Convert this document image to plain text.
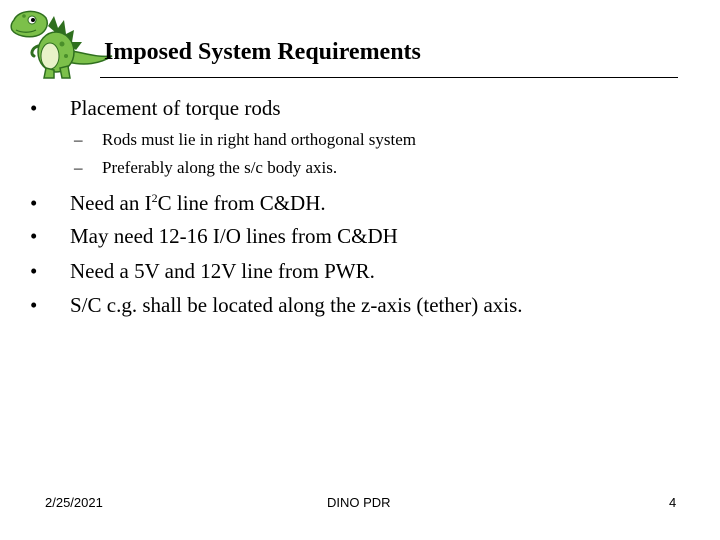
Imposed System Requirements
•	Placement of torque rods
– Rods must lie in right hand orthogonal system
– Preferably along the s/c body axis.
•	Need an $I^2C$ line from C&DH.
•	May need 12-16 I/O lines from C&DH
•	Need a 5V and 12V line from PWR.
•	S/C c.g. shall be located along the z-axis (tether) axis.
2/25/2021	DINO PDR	4
